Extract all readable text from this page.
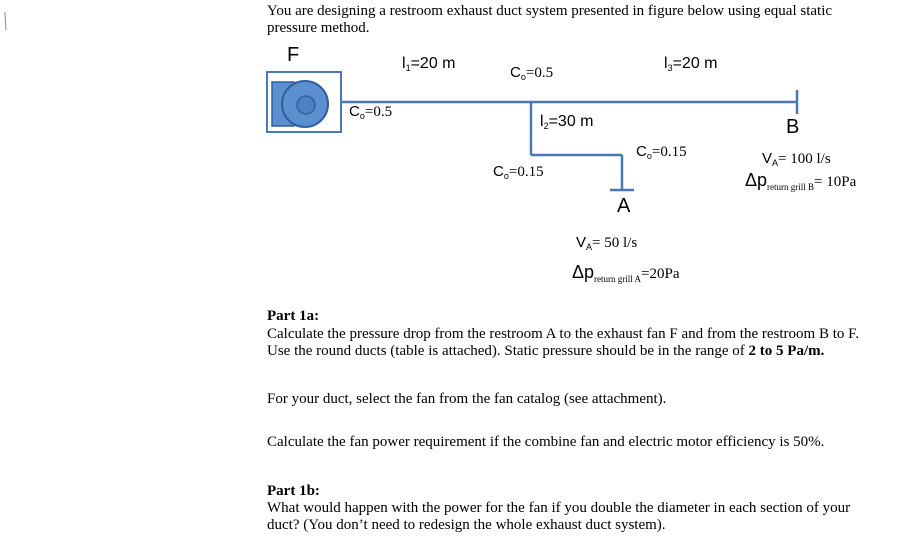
You are designing a restroom exhaust duct system presented in figure below using equal static
pressure method.
F	$l_1=20$ m
$C_o=0.5$
$l_3=20$ m
$C_o=0.5$
$l_2=30$ m
$C_o=0.15$
$C_o=0.15$
B
A
$V_A= 100$ l/s
$\Delta p_{return grill B}= 10Pa$
$V_A= 50$ l/s
$\Delta p_{return grill A}=20Pa$
Part 1a:
Calculate the pressure drop from the restroom A to the exhaust fan F and from the restroom B to F.
Use the round ducts (table is attached). Static pressure should be in the range of 2 to 5 Pa/m.
For your duct, select the fan from the fan catalog (see attachment).
Calculate the fan power requirement if the combine fan and electric motor efficiency is 50%.
Part 1b:
What would happen with the power for the fan if you double the diameter in each section of your
duct? (You don’t need to redesign the whole exhaust duct system).
